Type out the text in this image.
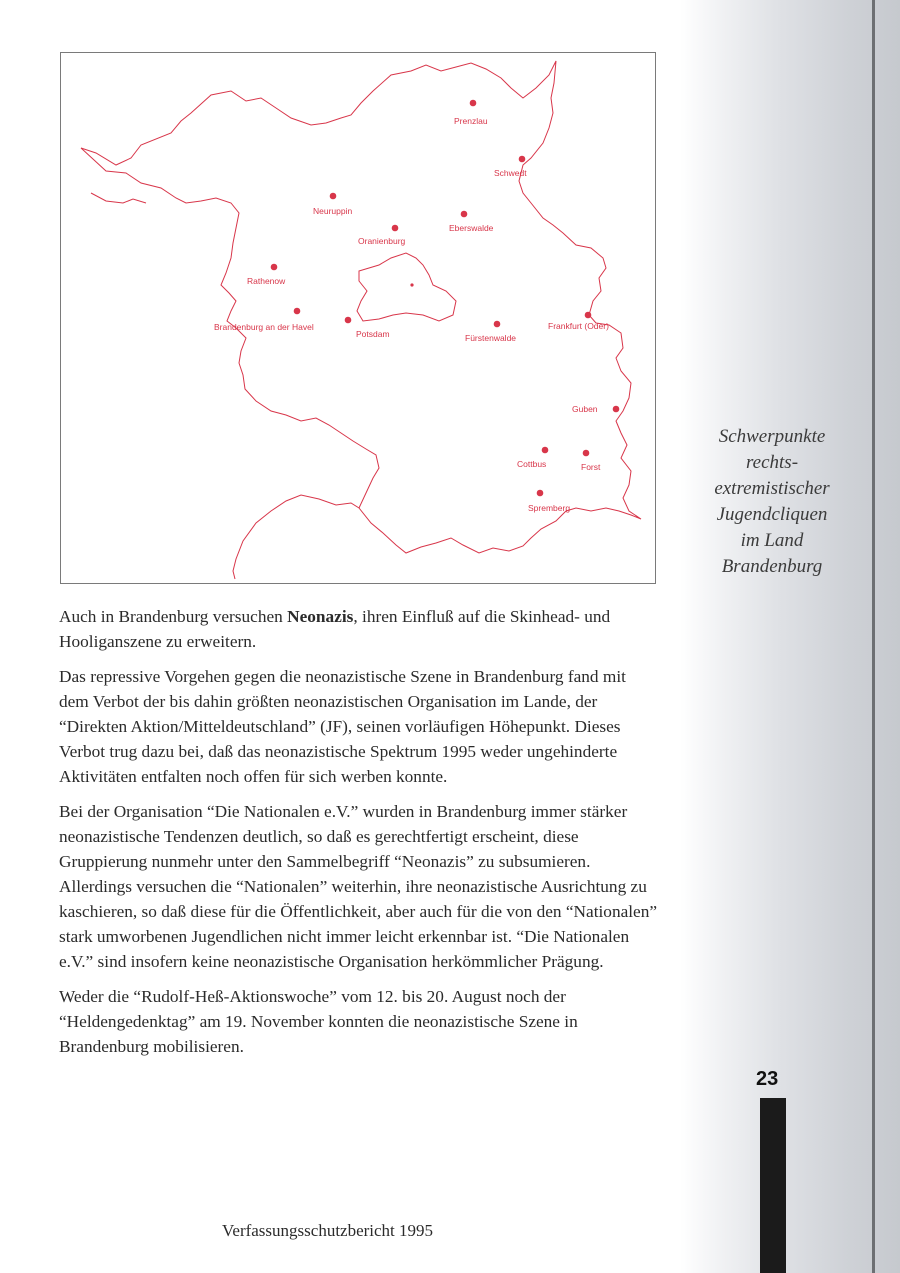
Prenzlau
Schwedt
Neuruppin
Eberswalde
Oranienburg
Rathenow
Brandenburg an der Havel
Potsdam	Fürstenwalde
Frankfurt (Oder)
Guben
Cottbus	Forst
Spremberg
Schwerpunkte
rechts-
extremistischer
Jugendcliquen
im Land
Brandenburg

Auch in Brandenburg versuchen Neonazis, ihren Einfluß auf die Skinhead- und Hooliganszene zu erweitern.

Das repressive Vorgehen gegen die neonazistische Szene in Brandenburg fand mit dem Verbot der bis dahin größten neonazistischen Organisation im Lande, der “Direkten Aktion/Mitteldeutschland” (JF), seinen vorläufigen Höhepunkt. Dieses Verbot trug dazu bei, daß das neonazistische Spektrum 1995 weder ungehinderte Aktivitäten entfalten noch offen für sich werben konnte.

Bei der Organisation “Die Nationalen e.V.” wurden in Brandenburg immer stärker neonazistische Tendenzen deutlich, so daß es gerechtfertigt erscheint, diese Gruppierung nunmehr unter den Sammelbegriff “Neonazis” zu subsumieren. Allerdings versuchen die “Nationalen” weiterhin, ihre neonazistische Ausrichtung zu kaschieren, so daß diese für die Öffentlichkeit, aber auch für die von den “Nationalen” stark umworbenen Jugendlichen nicht immer leicht erkennbar ist. “Die Nationalen e.V.” sind insofern keine neonazistische Organisation herkömmlicher Prägung.

Weder die “Rudolf-Heß-Aktionswoche” vom 12. bis 20. August noch der “Heldengedenktag” am 19. November konnten die neonazistische Szene in Brandenburg mobilisieren.

23
Verfassungsschutzbericht 1995
